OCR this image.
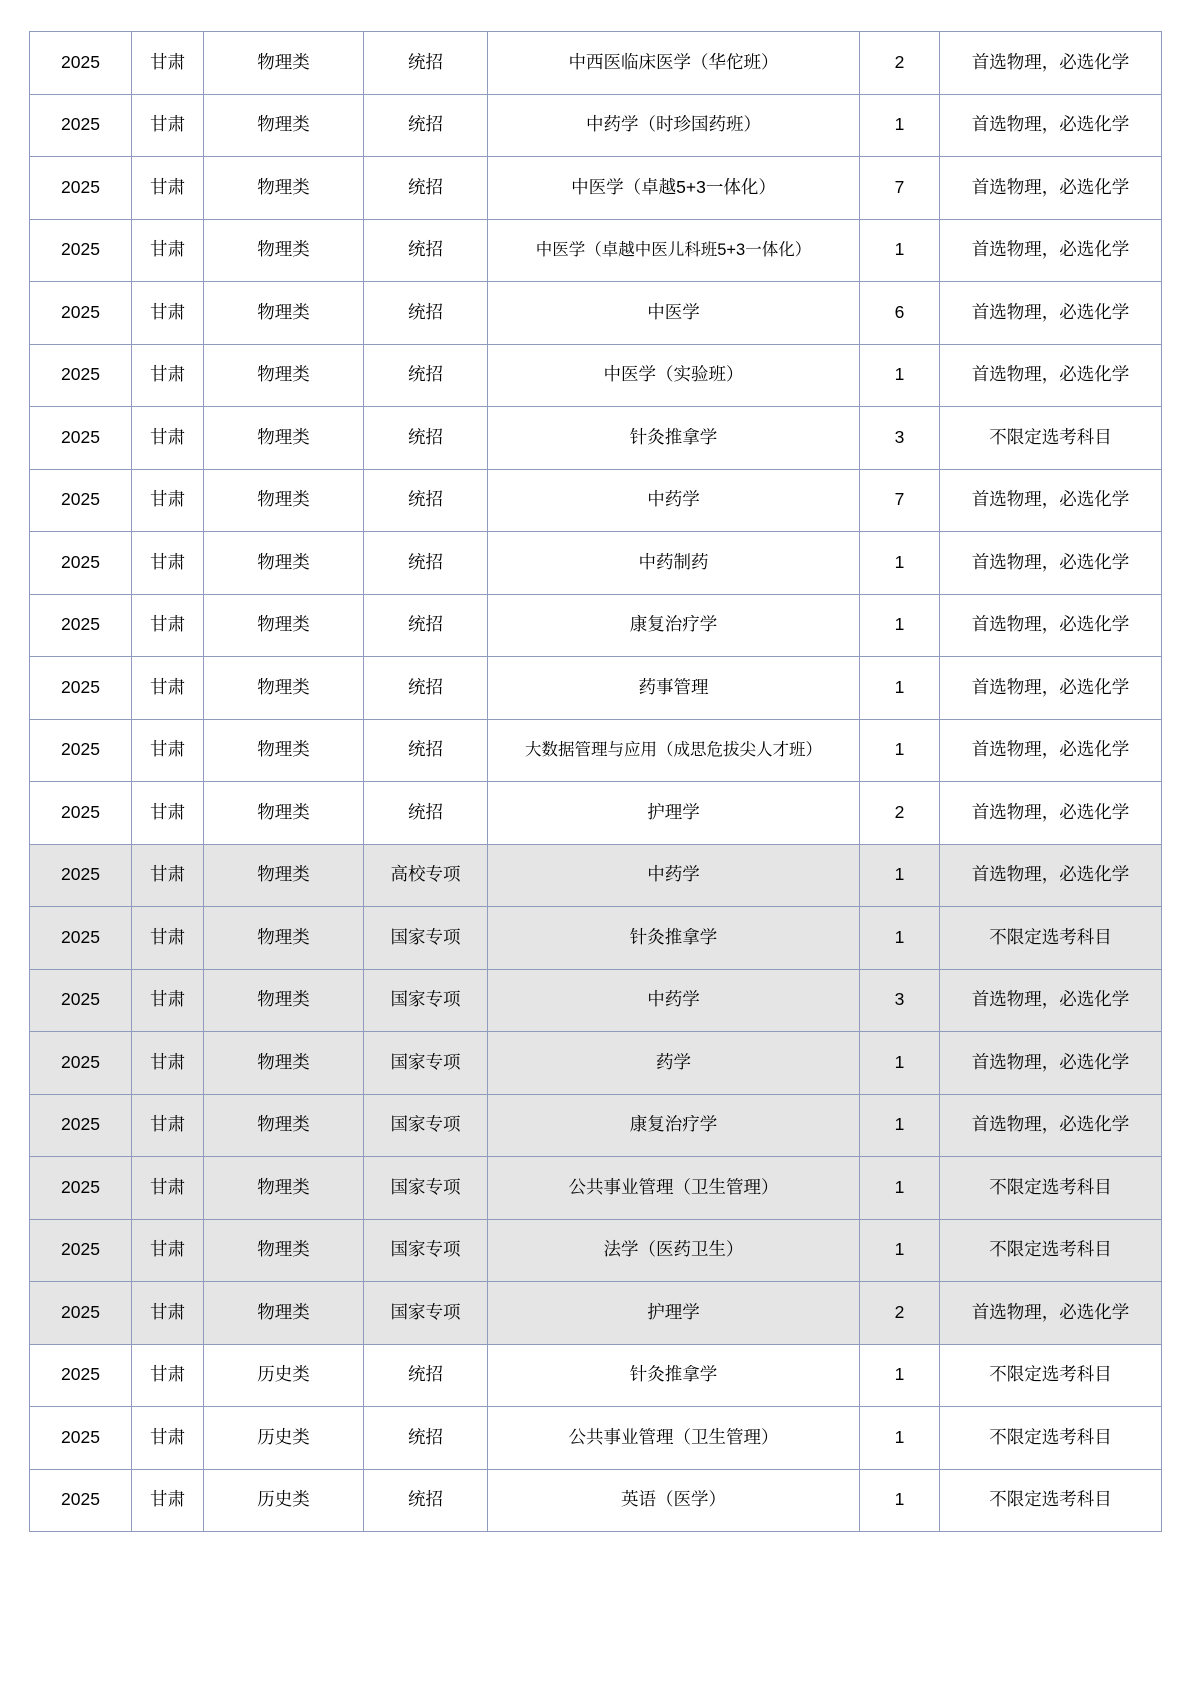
2025	甘肃	物理类	统招	中西医临床医学（华佗班）	2	首选物理，必选化学
2025	甘肃	物理类	统招	中药学（时珍国药班）	1	首选物理，必选化学
2025	甘肃	物理类	统招	中医学（卓越5+3一体化）	7	首选物理，必选化学
2025	甘肃	物理类	统招	中医学（卓越中医儿科班5+3一体化）	1	首选物理，必选化学
2025	甘肃	物理类	统招	中医学	6	首选物理，必选化学
2025	甘肃	物理类	统招	中医学（实验班）	1	首选物理，必选化学
2025	甘肃	物理类	统招	针灸推拿学	3	不限定选考科目
2025	甘肃	物理类	统招	中药学	7	首选物理，必选化学
2025	甘肃	物理类	统招	中药制药	1	首选物理，必选化学
2025	甘肃	物理类	统招	康复治疗学	1	首选物理，必选化学
2025	甘肃	物理类	统招	药事管理	1	首选物理，必选化学
2025	甘肃	物理类	统招	大数据管理与应用（成思危拔尖人才班）	1	首选物理，必选化学
2025	甘肃	物理类	统招	护理学	2	首选物理，必选化学
2025	甘肃	物理类	高校专项	中药学	1	首选物理，必选化学
2025	甘肃	物理类	国家专项	针灸推拿学	1	不限定选考科目
2025	甘肃	物理类	国家专项	中药学	3	首选物理，必选化学
2025	甘肃	物理类	国家专项	药学	1	首选物理，必选化学
2025	甘肃	物理类	国家专项	康复治疗学	1	首选物理，必选化学
2025	甘肃	物理类	国家专项	公共事业管理（卫生管理）	1	不限定选考科目
2025	甘肃	物理类	国家专项	法学（医药卫生）	1	不限定选考科目
2025	甘肃	物理类	国家专项	护理学	2	首选物理，必选化学
2025	甘肃	历史类	统招	针灸推拿学	1	不限定选考科目
2025	甘肃	历史类	统招	公共事业管理（卫生管理）	1	不限定选考科目
2025	甘肃	历史类	统招	英语（医学）	1	不限定选考科目
